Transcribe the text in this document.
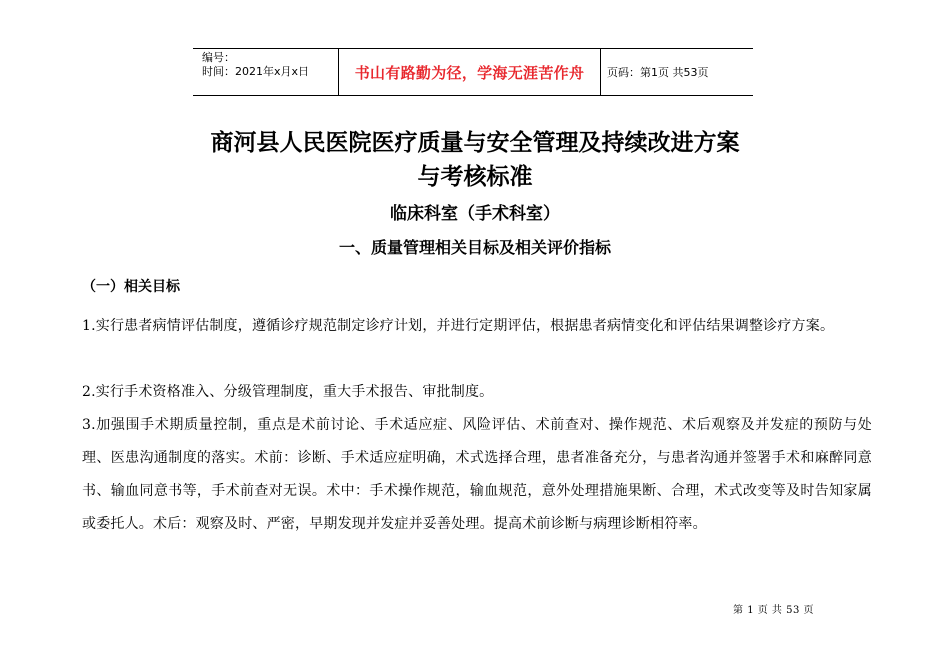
编号：
时间：2021年x月x日	书山有路勤为径，学海无涯苦作舟	页码：第1页 共53页
商河县人民医院医疗质量与安全管理及持续改进方案
与考核标准
临床科室（手术科室）
一、质量管理相关目标及相关评价指标
（一）相关目标
1.实行患者病情评估制度，遵循诊疗规范制定诊疗计划，并进行定期评估，根据患者病情变化和评估结果调整诊疗方案。
2.实行手术资格准入、分级管理制度，重大手术报告、审批制度。
3.加强围手术期质量控制，重点是术前讨论、手术适应症、风险评估、术前查对、操作规范、术后观察及并发症的预防与处理、医患沟通制度的落实。术前：诊断、手术适应症明确，术式选择合理，患者准备充分，与患者沟通并签署手术和麻醉同意书、输血同意书等，手术前查对无误。术中：手术操作规范，输血规范，意外处理措施果断、合理，术式改变等及时告知家属或委托人。术后：观察及时、严密，早期发现并发症并妥善处理。提高术前诊断与病理诊断相符率。
第 1 页 共 53 页
